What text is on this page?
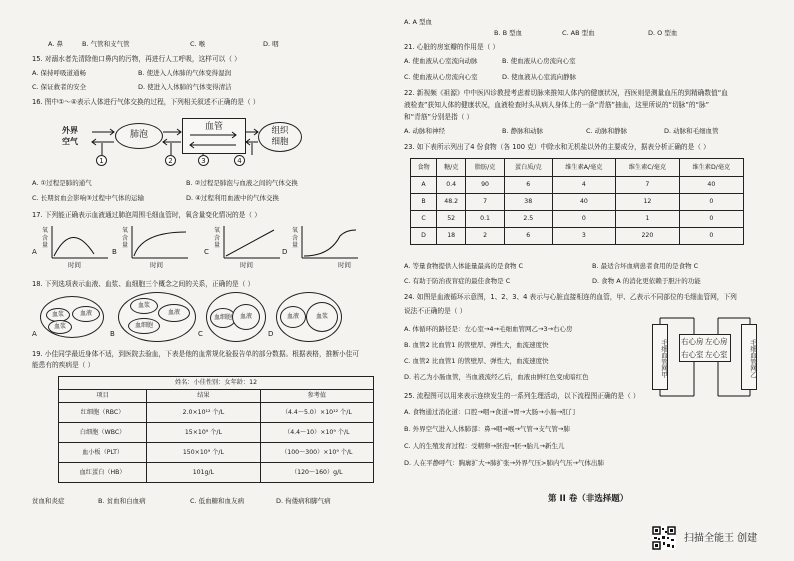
A. 鼻	B. 气管和支气管	C. 喉	D. 咽
15. 对溺水者先清除他口鼻内的污物，再进行人工呼吸，这样可以（ ）
A. 保持呼吸道通畅	B. 使进入人体肺的气体变得湿润
C. 保证救者的安全	D. 使进入人体肺的气体变得清洁
16. 图中①～④表示人体进行气体交换的过程，下列相关叙述不正确的是（ ）
外界
空气
肺泡
血管	组织
细胞
1	2	3	4
A. ①过程是肺的通气	B. ②过程是肺泡与血液之间的气体交换
C. 长期贫血会影响③过程中气体的运输	D. ④过程利用血液中的气体交换
17. 下列能正确表示血液通过肺泡周围毛细血管时，氧含量变化情况的是（ ）
A
氧含量
时间
B
氧含量
时间
C
氧含量
时间
D
氧含量
时间
18. 下列选项表示血液、血浆、血细胞三个概念之间的关系，正确的是（ ）
A
血浆	血液
血浆
B
血浆
血液
血细胞
C
血细胞 血液
D
血液	血浆
19. 小佳同学最近身体不适，到医院去验血，下表是他的血常规化验报告单的部分数据。根据表格，推断小佳可
能患有的疾病是（ ）
姓名：小佳性别：女年龄：12		
项目	结果	参考值
红细胞（RBC）	2.0×10¹² 个/L	（4.4～5.0）×10¹² 个/L
白细胞（WBC）	15×10⁹ 个/L	（4.4～10）×10⁹ 个/L
血小板（PLT）	150×10⁹ 个/L	（100～300）×10⁹ 个/L
血红蛋白（HB）	101g/L	（120～160）g/L
贫血和炎症	B. 贫血和白血病	C. 低血糖和血友病	D. 佝偻病和脚气病
A. A 型血
B. B 型血	C. AB 型血	D. O 型血
21. 心脏的房室瓣的作用是（ ）
A. 使血液从心室流向动脉	B. 使血液从心房流向心室
C. 使血液从心房流向心室	D. 使血液从心室流向静脉
22. 新视频《祖源》中中医四诊教授考虑着切脉来推知人体内的健康状况，西医则是测量血压的到精确数值“血
液检查”获知人体的健康状况，血液检查时头从病人身体上的一条“青筋”抽血，这里所说的“切脉”的“脉”
和“青筋”分别是指（ ）
A. 动脉和神经	B. 静脉和动脉	C. 动脉和静脉	D. 动脉和毛细血管
23. 如下表所示列出了4 份食物（各 100 克）中除水和无机盐以外的主要成分，据表分析正确的是（ ）
食物	糖/克	脂肪/克	蛋白质/克	维生素A/毫克	维生素C/毫克	维生素D/毫克
A	0.4	90	6	4	7	40
B	48.2	7	38	40	12	0
C	52	0.1	2.5	0	1	0
D	18	2	6	3	220	0
A. 等量食物提供人体能量最高的是食物 C	B. 最适合坏血病患者食用的是食物 C
C. 有助于防治夜盲症的最佳食物是 C	D. 食物 A 的消化更依赖于胆汁的功能
24. 如图是血液循环示意图，1、2、3、4 表示与心脏直接相连的血管，甲、乙表示不同部位的毛细血管网，下列
说法不正确的是（ ）
A. 体循环的路径是：左心室→4→毛细血管网乙→3→右心房
B. 血管2 比血管1 的管壁厚、弹性大，血流速度快
C. 血管2 比血管1 的管壁厚、弹性大，血流速度快
D. 若乙为小肠血管，当血液流经乙后，血液由鲜红色变成暗红色	毛细血管网甲	毛细血管网乙
右心房 左心房
右心室 左心室
25. 流程图可以用来表示连续发生的一系列生理活动，以下流程图正确的是（ ）
A. 食物通过消化道：口腔→咽→食道→胃→大肠→小肠→肛门
B. 外界空气进入人体肺部：鼻→咽→喉→气管→支气管→肺
C. 人的生殖发育过程：受精卵→胚泡→胚→胎儿→新生儿
D. 人在平静呼气：胸廓扩大→肺扩张→外界气压>肺内气压→气体出肺
第 II 卷（非选择题）
扫描全能王 创建
